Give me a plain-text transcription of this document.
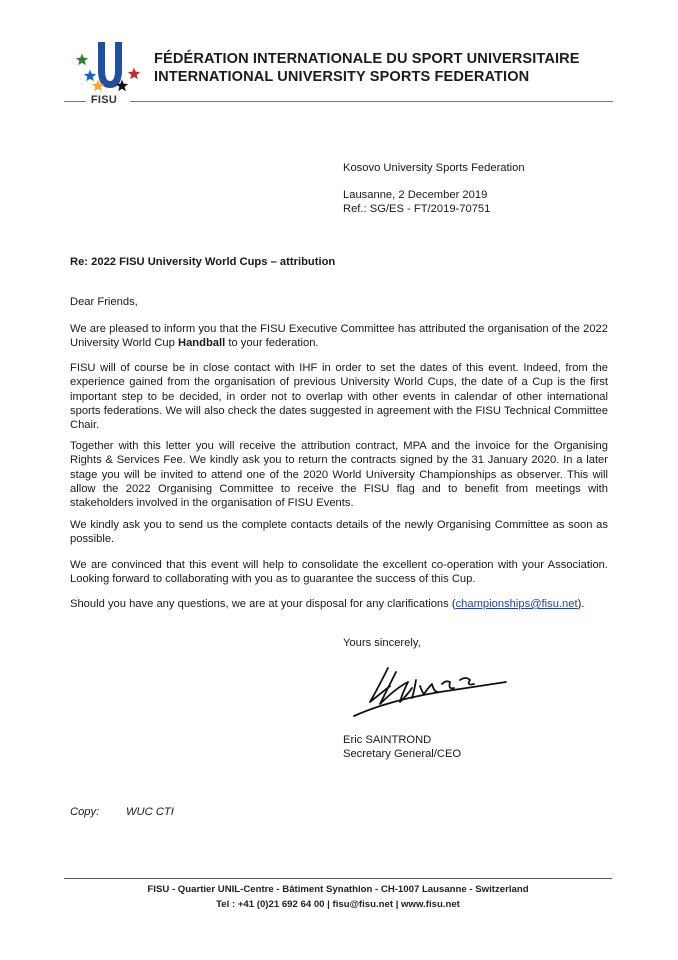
FISU
FÉDÉRATION INTERNATIONALE DU SPORT UNIVERSITAIRE
INTERNATIONAL UNIVERSITY SPORTS FEDERATION
Kosovo University Sports Federation
Lausanne, 2 December 2019
Ref.: SG/ES - FT/2019-70751
Re: 2022 FISU University World Cups – attribution
Dear Friends,
We are pleased to inform you that the FISU Executive Committee has attributed the organisation of the 2022 University World Cup Handball to your federation.
FISU will of course be in close contact with IHF in order to set the dates of this event. Indeed, from the experience gained from the organisation of previous University World Cups, the date of a Cup is the first important step to be decided, in order not to overlap with other events in calendar of other international sports federations. We will also check the dates suggested in agreement with the FISU Technical Committee Chair.
Together with this letter you will receive the attribution contract, MPA and the invoice for the Organising Rights & Services Fee. We kindly ask you to return the contracts signed by the 31 January 2020. In a later stage you will be invited to attend one of the 2020 World University Championships as observer. This will allow the 2022 Organising Committee to receive the FISU flag and to benefit from meetings with stakeholders involved in the organisation of FISU Events.
We kindly ask you to send us the complete contacts details of the newly Organising Committee as soon as possible.
We are convinced that this event will help to consolidate the excellent co-operation with your Association. Looking forward to collaborating with you as to guarantee the success of this Cup.
Should you have any questions, we are at your disposal for any clarifications (championships@fisu.net).
Yours sincerely,
Eric SAINTROND
Secretary General/CEO
Copy: WUC CTI
FISU - Quartier UNIL-Centre - Bâtiment Synathlon - CH-1007 Lausanne - Switzerland
Tel : +41 (0)21 692 64 00 | fisu@fisu.net | www.fisu.net
